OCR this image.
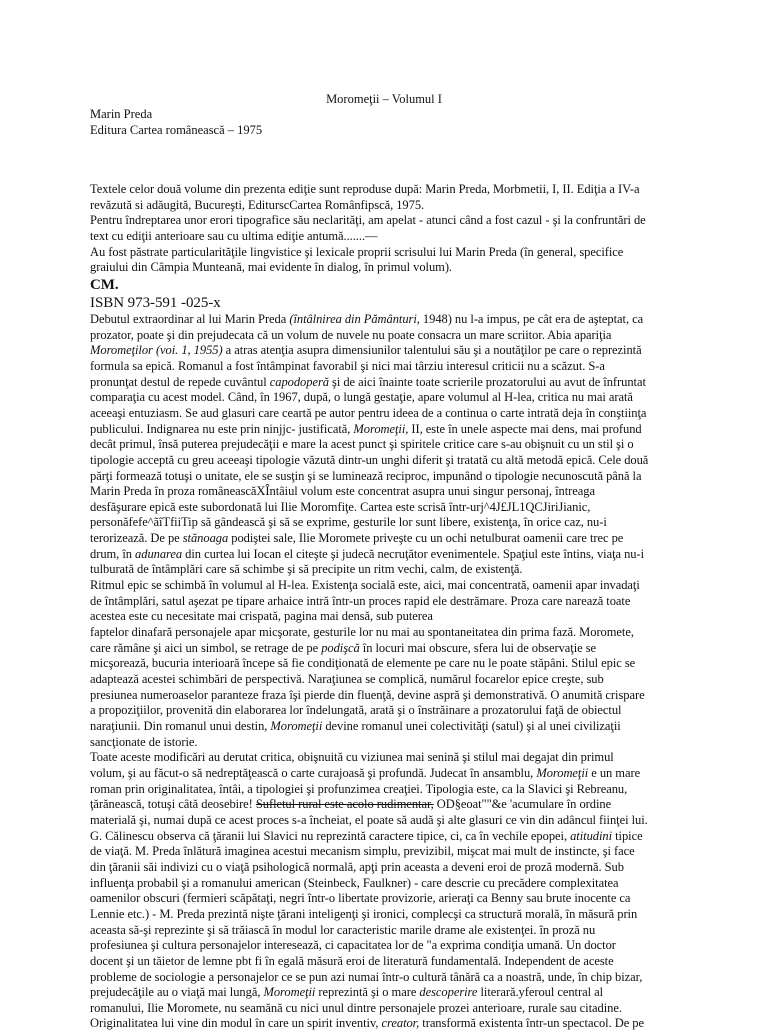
Moromeţii – Volumul I
Marin Preda
Editura Cartea românească – 1975

Textele celor două volume din prezenta ediţie sunt reproduse după: Marin Preda, Morbmetii, I, II. Ediţia a IV-a
revăzută si adăugită, Bucureşti, EditurscCartea Românfipscă, 1975.
Pentru îndreptarea unor erori tipografice său neclarităţi, am apelat - atunci când a fost cazul - şi la confruntări de
text cu ediţii anterioare sau cu ultima ediţie antumă.......—
Au fost păstrate particularităţile lingvistice şi lexicale proprii scrisului lui Marin Preda (în general, specifice
graiului din Câmpia Munteană, mai evidente în dialog, în primul volum).

CM.
ISBN 973-591 -025-x

Debutul extraordinar al lui Marin Preda (întâlnirea din Pământuri, 1948) nu l-a impus, pe cât era de aşteptat, ca
prozator, poate şi din prejudecata că un volum de nuvele nu poate consacra un mare scriitor. Abia apariţia
Moromeţilor (voi. 1, 1955) a atras atenţia asupra dimensiunilor talentului său şi a noutăţilor pe care o reprezintă
formula sa epică. Romanul a fost întâmpinat favorabil şi nici mai târziu interesul criticii nu a scăzut. S-a
pronunţat destul de repede cuvântul capodoperă şi de aici înainte toate scrierile prozatorului au avut de înfruntat
comparaţia cu acest model. Când, în 1967, după, o lungă gestaţie, apare volumul al H-lea, critica nu mai arată
aceeaşi entuziasm. Se aud glasuri care ceartă pe autor pentru ideea de a continua o carte intrată deja în conştiinţa
publicului. Indignarea nu este prin ninjjc- justificată, Moromeţii, II, este în unele aspecte mai dens, mai profund
decât primul, însă puterea prejudecăţii e mare la acest punct şi spiritele critice care s-au obişnuit cu un stil şi o
tipologie acceptă cu greu aceeaşi tipologie văzută dintr-un unghi diferit şi tratată cu altă metodă epică. Cele două
părţi formează totuşi o unitate, ele se susţin şi se luminează reciproc, impunând o tipologie necunoscută până la
Marin Preda în proza româneascăXÎntâiul volum este concentrat asupra unui singur personaj, întreaga
desfăşurare epică este subordonată lui Ilie Moromfiţe. Cartea este scrisă într-urj^4J£JL1QCJiriJianic,
personăfefe^ãîTfiiTip să gândească şi să se exprime, gesturile lor sunt libere, existenţa, în orice caz, nu-i
terorizează. De pe stănoaga podiştei sale, Ilie Moromete priveşte cu un ochi netulburat oamenii care trec pe
drum, în adunarea din curtea lui Iocan el citeşte şi judecă necruţător evenimentele. Spaţiul este întins, viaţa nu-i
tulburată de întâmplări care să schimbe şi să precipite un ritm vechi, calm, de existenţă.

Ritmul epic se schimbă în volumul al H-lea. Existenţa socială este, aici, mai concentrată, oamenii apar invadaţi
de întâmplări, satul aşezat pe tipare arhaice intră într-un proces rapid ele destrămare. Proza care narează toate
acestea este cu necesitate mai crispată, pagina mai densă, sub puterea
faptelor dinafară personajele apar micşorate, gesturile lor nu mai au spontaneitatea din prima fază. Moromete,
care rămâne şi aici un simbol, se retrage de pe podişcă în locuri mai obscure, sfera lui de observaţie se
micşorează, bucuria interioară începe să fie condiţionată de elemente pe care nu le poate stăpâni. Stilul epic se
adaptează acestei schimbări de perspectivă. Naraţiunea se complică, numărul focarelor epice creşte, sub
presiunea numeroaselor paranteze fraza îşi pierde din fluenţă, devine aspră şi demonstrativă. O anumită crispare
a propoziţiilor, provenită din elaborarea lor îndelungată, arată şi o înstrăinare a prozatorului faţă de obiectul
naraţiunii. Din romanul unui destin, Moromeţii devine romanul unei colectivităţi (satul) şi al unei civilizaţii
sancţionate de istorie.

Toate aceste modificări au derutat critica, obişnuită cu viziunea mai senină şi stilul mai degajat din primul
volum, şi au făcut-o să nedreptăţească o carte curajoasă şi profundă. Judecat în ansamblu, Moromeţii e un mare
roman prin originalitatea, întâi, a tipologiei şi profunzimea creaţiei. Tipologia este, ca la Slavici şi Rebreanu,
ţărănească, totuşi câtă deosebire! Sufletul rural este acolo rudimentar, OD§eoat""&e 'acumulare în ordine
materială şi, numai după ce acest proces s-a încheiat, el poate să audă şi alte glasuri ce vin din adâncul fiinţei lui.
G. Călinescu observa că ţăranii lui Slavici nu reprezintă caractere tipice, ci, ca în vechile epopei, atitudini tipice
de viaţă. M. Preda înlătură imaginea acestui mecanism simplu, previzibil, mişcat mai mult de instincte, şi face
din ţăranii săi indivizi cu o viaţă psihologică normală, apţi prin aceasta a deveni eroi de proză modernă. Sub
influenţa probabil şi a romanului american (Steinbeck, Faulkner) - care descrie cu precădere complexitatea
oamenilor obscuri (fermieri scăpătaţi, negri într-o libertate provizorie, arieraţi ca Benny sau brute inocente ca
Lennie etc.) - M. Preda prezintă nişte ţărani inteligenţi şi ironici, complecşi ca structură morală, în măsură prin
aceasta să-şi reprezinte şi să trăiască în modul lor caracteristic marile drame ale existenţei. în proză nu
profesiunea şi cultura personajelor interesează, ci capacitatea lor de "a exprima condiţia umană. Un doctor
docent şi un tăietor de lemne pbt fi în egală măsură eroi de literatură fundamentală. Independent de aceste
probleme de sociologie a personajelor ce se pun azi numai într-o cultură tânără ca a noastră, unde, în chip bizar,
prejudecăţile au o viaţă mai lungă, Moromeţii reprezintă şi o mare descoperire literară.yferoul central al
romanului, Ilie Moromete, nu seamănă cu nici unul dintre personajele prozei anterioare, rurale sau citadine.
Originalitatea lui vine din modul în care un spirit inventiv, creator, transformă existenta într-un spectacol. De pe
